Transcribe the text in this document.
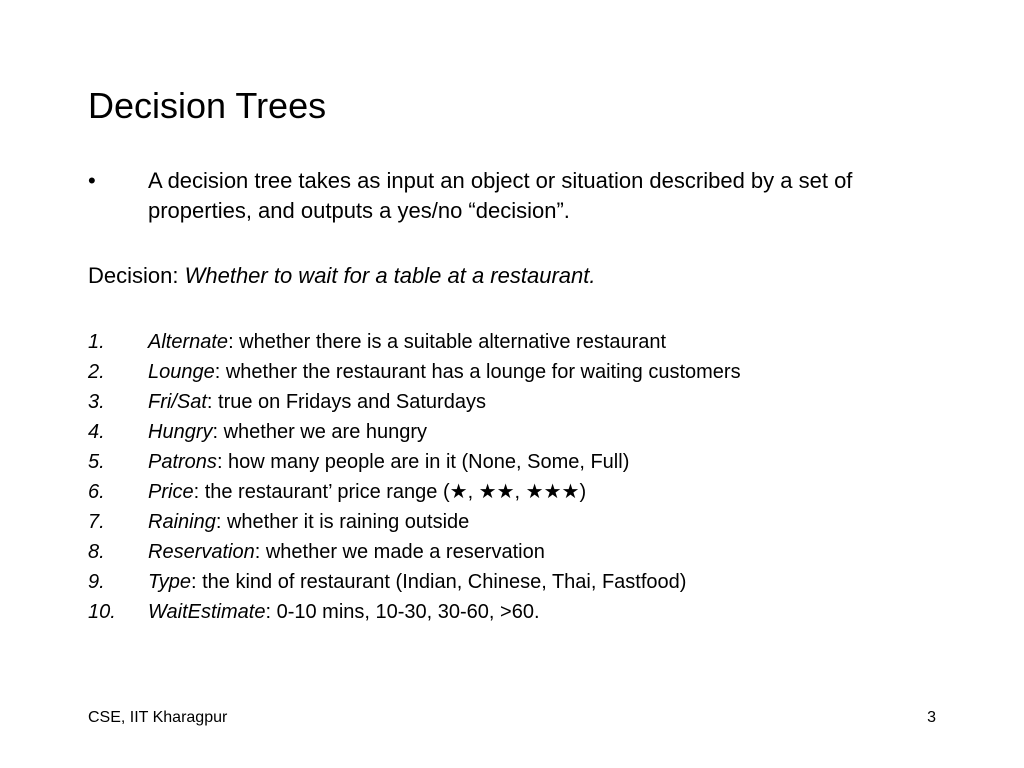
Decision Trees
• A decision tree takes as input an object or situation described by a set of properties, and outputs a yes/no “decision”.
Decision: Whether to wait for a table at a restaurant.
1. Alternate: whether there is a suitable alternative restaurant
2. Lounge: whether the restaurant has a lounge for waiting customers
3. Fri/Sat: true on Fridays and Saturdays
4. Hungry: whether we are hungry
5. Patrons: how many people are in it (None, Some, Full)
6. Price: the restaurant’ price range (★, ★★, ★★★)
7. Raining: whether it is raining outside
8. Reservation: whether we made a reservation
9. Type: the kind of restaurant (Indian, Chinese, Thai, Fastfood)
10. WaitEstimate: 0-10 mins, 10-30, 30-60, >60.
CSE, IIT Kharagpur	3
